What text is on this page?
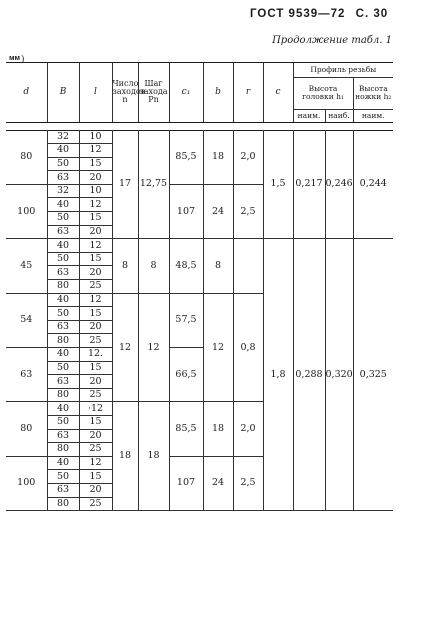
ГОСТ 9539—72 С. 30
Продолжение табл. 1
)
мм
d	B	l	Число заходов n	Шаг захода Pn	c₁	b	r	c	Профиль резьбы		
									Высота головки h₁		Высота ножки h₂
									наим.	наиб.	наим.

80	32	10	17	12,75	85,5	18	2,0	1,5	0,217	0,246	0,244
	40	12									
	50	15									
	63	20									
100	32	10			107	24	2,5				
	40	12									
	50	15									
	63	20									
45	40	12	8	8	48,5	8		1,8	0,288	0,320	0,325
	50	15									
	63	20									
	80	25									
54	40	12	12	12	57,5	12	0,8				
	50	15									
	63	20									
	80	25									
63	40	12.			66,5						
	50	15									
	63	20									
	80	25									
80	40	·12	18	18	85,5	18	2,0				
	50	15									
	63	20									
	80	25									
100	40	12			107	24	2,5				
	50	15									
	63	20									
	80	25									
